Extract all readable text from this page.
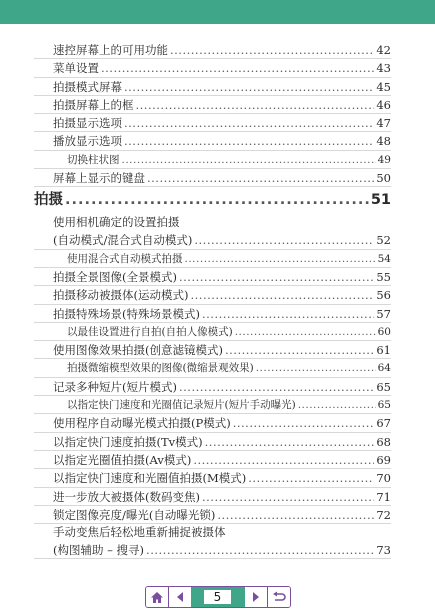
速控屏幕上的可用功能 .....	42
菜单设置 .....	43
拍摄模式屏幕 .....	45
拍摄屏幕上的框 .....	46
拍摄显示选项 .....	47
播放显示选项 .....	48
切换柱状图 .....	49
屏幕上显示的键盘 .....	50
拍摄 .....	51
使用相机确定的设置拍摄
(自动模式/混合式自动模式) .....	52
使用混合式自动模式拍摄 .....	54
拍摄全景图像(全景模式) .....	55
拍摄移动被摄体(运动模式) .....	56
拍摄特殊场景(特殊场景模式) .....	57
以最佳设置进行自拍(自拍人像模式) .....	60
使用图像效果拍摄(创意滤镜模式) .....	61
拍摄微缩模型效果的图像(微缩景观效果) .....	64
记录多种短片(短片模式) .....	65
以指定快门速度和光圈值记录短片(短片手动曝光) .....	65
使用程序自动曝光模式拍摄(P模式) .....	67
以指定快门速度拍摄(Tv模式) .....	68
以指定光圈值拍摄(Av模式) .....	69
以指定快门速度和光圈值拍摄(M模式) .....	70
进一步放大被摄体(数码变焦) .....	71
锁定图像亮度/曝光(自动曝光锁) .....	72
手动变焦后轻松地重新捕捉被摄体
(构图辅助 – 搜寻) .....	73
5
